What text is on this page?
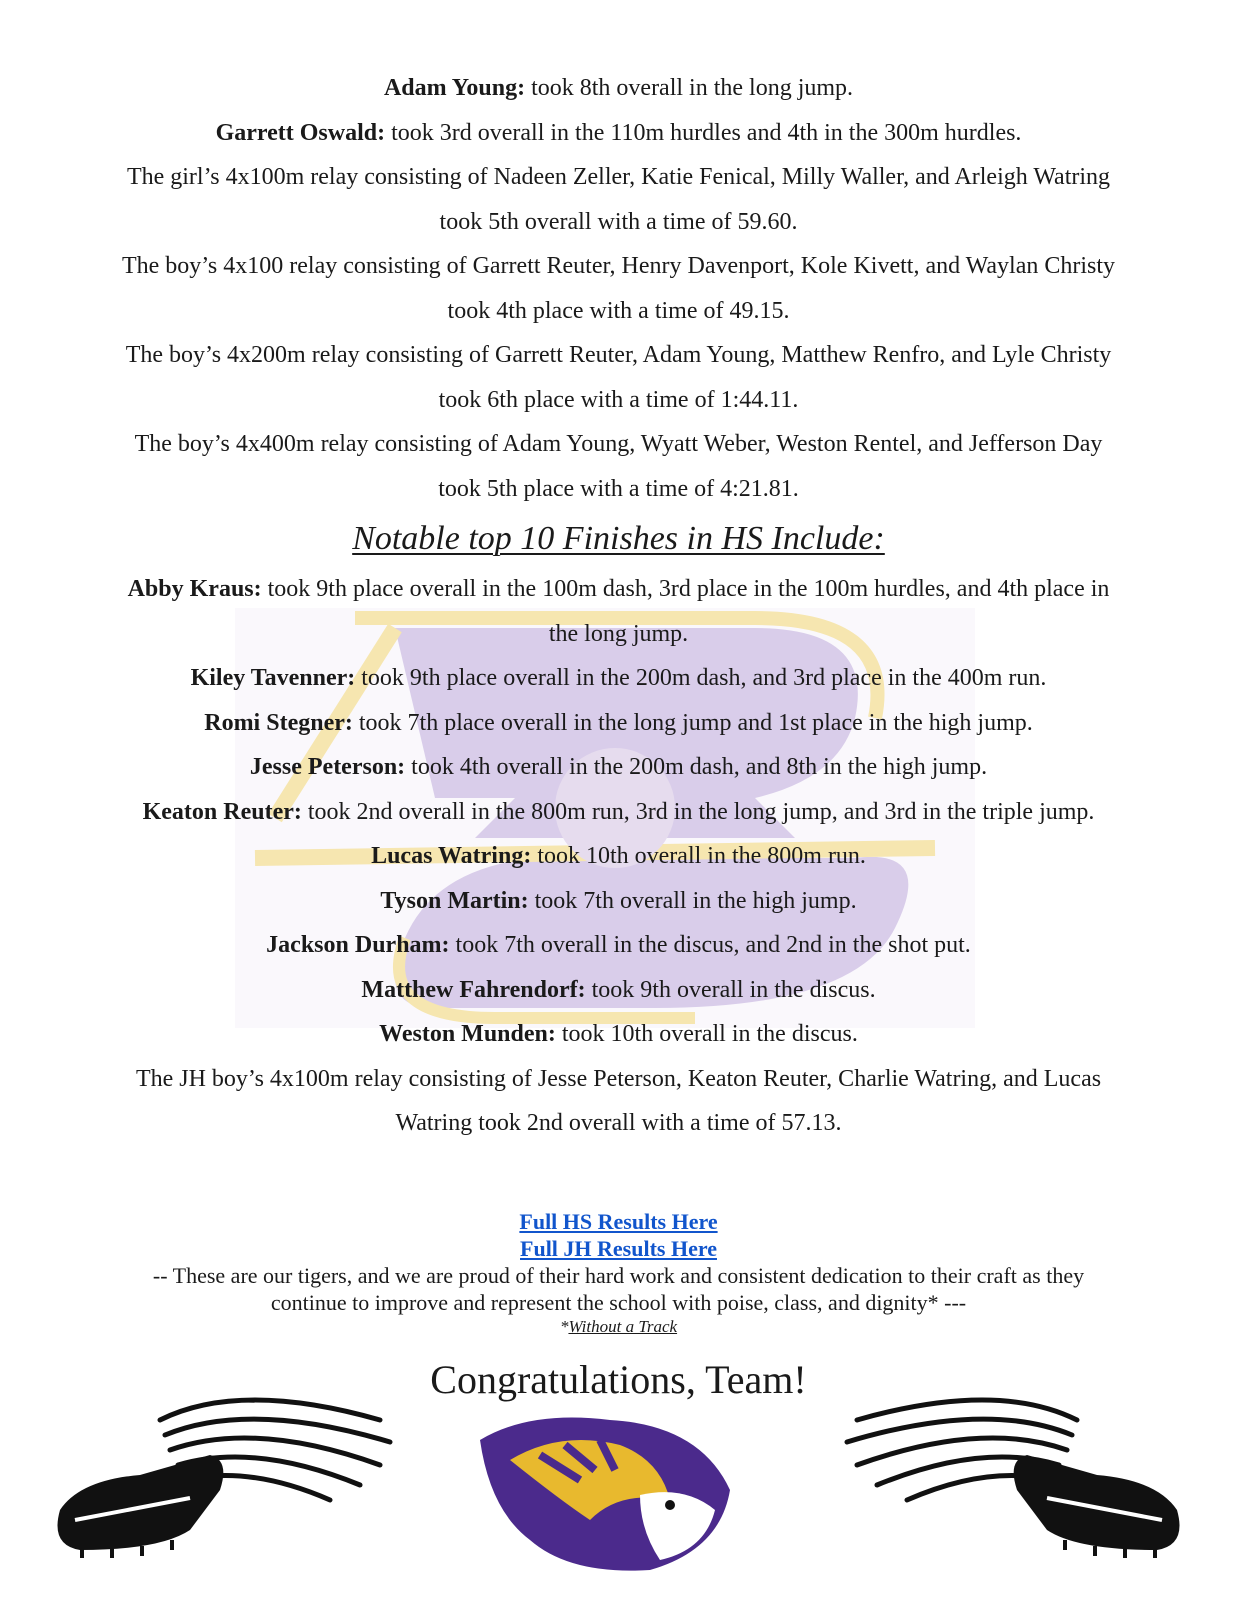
Adam Young: took 8th overall in the long jump.

Garrett Oswald: took 3rd overall in the 110m hurdles and 4th in the 300m hurdles.

The girl’s 4x100m relay consisting of Nadeen Zeller, Katie Fenical, Milly Waller, and Arleigh Watring
took 5th overall with a time of 59.60.

The boy’s 4x100 relay consisting of Garrett Reuter, Henry Davenport, Kole Kivett, and Waylan Christy
took 4th place with a time of 49.15.

The boy’s 4x200m relay consisting of Garrett Reuter, Adam Young, Matthew Renfro, and Lyle Christy
took 6th place with a time of 1:44.11.

The boy’s 4x400m relay consisting of Adam Young, Wyatt Weber, Weston Rentel, and Jefferson Day
took 5th place with a time of 4:21.81.

Notable top 10 Finishes in HS Include:

Abby Kraus: took 9th place overall in the 100m dash, 3rd place in the 100m hurdles, and 4th place in
the long jump.

Kiley Tavenner: took 9th place overall in the 200m dash, and 3rd place in the 400m run.

Romi Stegner: took 7th place overall in the long jump and 1st place in the high jump.

Jesse Peterson: took 4th overall in the 200m dash, and 8th in the high jump.

Keaton Reuter: took 2nd overall in the 800m run, 3rd in the long jump, and 3rd in the triple jump.

Lucas Watring: took 10th overall in the 800m run.

Tyson Martin: took 7th overall in the high jump.

Jackson Durham: took 7th overall in the discus, and 2nd in the shot put.

Matthew Fahrendorf: took 9th overall in the discus.

Weston Munden: took 10th overall in the discus.

The JH boy’s 4x100m relay consisting of Jesse Peterson, Keaton Reuter, Charlie Watring, and Lucas
Watring took 2nd overall with a time of 57.13.

Full HS Results Here
Full JH Results Here

-- These are our tigers, and we are proud of their hard work and consistent dedication to their craft as they
continue to improve and represent the school with poise, class, and dignity* ---

*Without a Track

Congratulations, Team!
